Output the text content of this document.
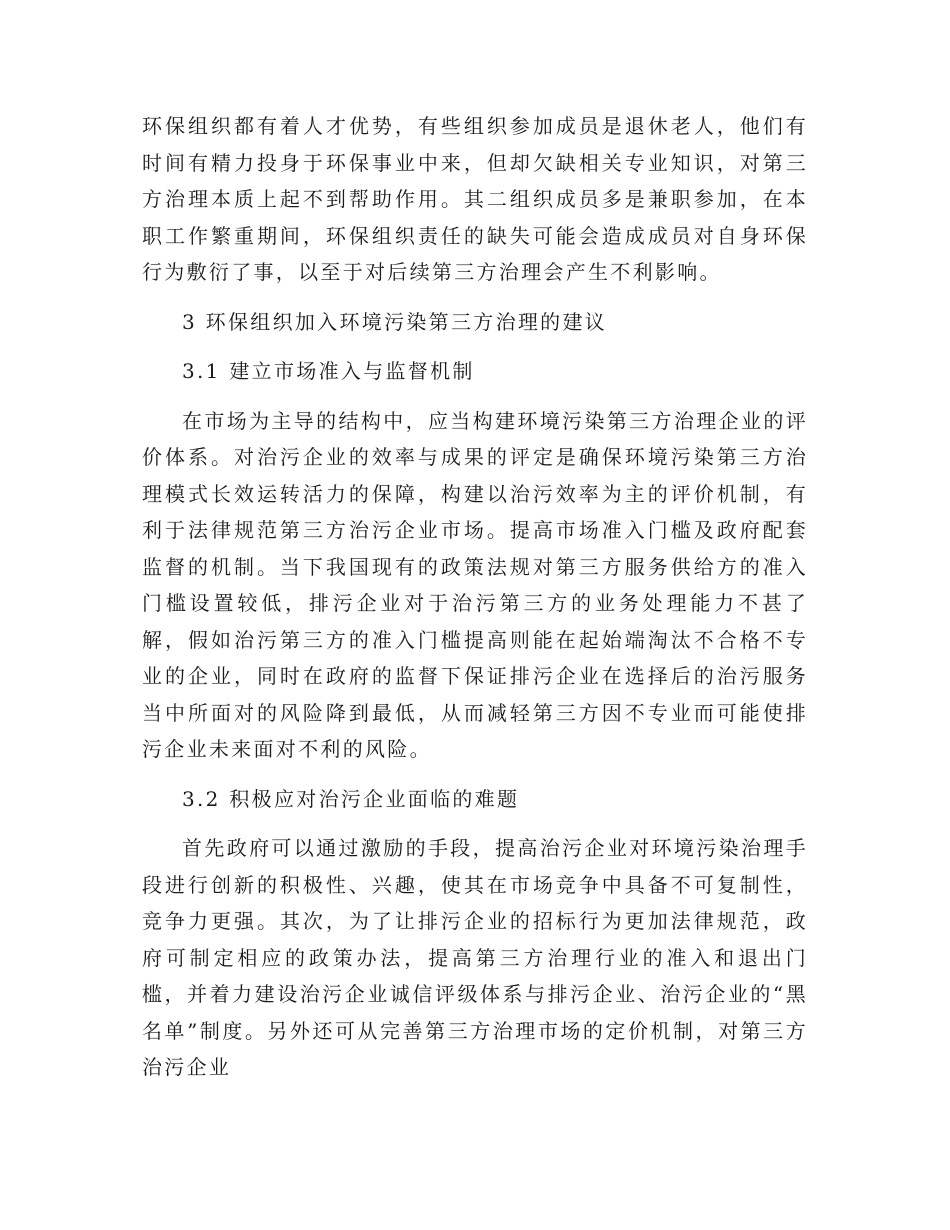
环保组织都有着人才优势，有些组织参加成员是退休老人，他们有时间有精力投身于环保事业中来，但却欠缺相关专业知识，对第三方治理本质上起不到帮助作用。其二组织成员多是兼职参加，在本职工作繁重期间，环保组织责任的缺失可能会造成成员对自身环保行为敷衍了事，以至于对后续第三方治理会产生不利影响。

3 环保组织加入环境污染第三方治理的建议

3.1 建立市场准入与监督机制

在市场为主导的结构中，应当构建环境污染第三方治理企业的评价体系。对治污企业的效率与成果的评定是确保环境污染第三方治理模式长效运转活力的保障，构建以治污效率为主的评价机制，有利于法律规范第三方治污企业市场。提高市场准入门槛及政府配套监督的机制。当下我国现有的政策法规对第三方服务供给方的准入门槛设置较低，排污企业对于治污第三方的业务处理能力不甚了解，假如治污第三方的准入门槛提高则能在起始端淘汰不合格不专业的企业，同时在政府的监督下保证排污企业在选择后的治污服务当中所面对的风险降到最低，从而减轻第三方因不专业而可能使排污企业未来面对不利的风险。

3.2 积极应对治污企业面临的难题

首先政府可以通过激励的手段，提高治污企业对环境污染治理手段进行创新的积极性、兴趣，使其在市场竞争中具备不可复制性，竞争力更强。其次，为了让排污企业的招标行为更加法律规范，政府可制定相应的政策办法，提高第三方治理行业的准入和退出门槛，并着力建设治污企业诚信评级体系与排污企业、治污企业的“黑名单”制度。另外还可从完善第三方治理市场的定价机制，对第三方治污企业
